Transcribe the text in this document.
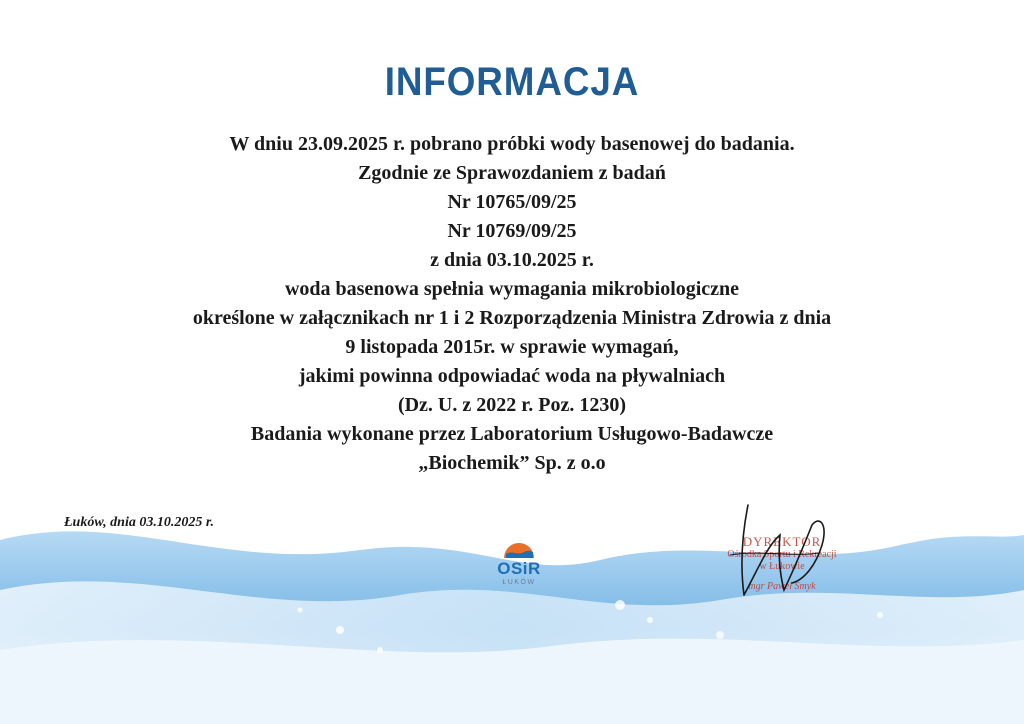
INFORMACJA
W dniu 23.09.2025 r. pobrano próbki wody basenowej do badania.
Zgodnie ze Sprawozdaniem z badań
Nr 10765/09/25
Nr 10769/09/25
z dnia 03.10.2025 r.
woda basenowa spełnia wymagania mikrobiologiczne
określone w załącznikach nr 1 i 2 Rozporządzenia Ministra Zdrowia z dnia
9 listopada 2015r. w sprawie wymagań,
jakimi powinna odpowiadać woda na pływalniach
(Dz. U. z 2022 r. Poz. 1230)
Badania wykonane przez Laboratorium Usługowo-Badawcze
„Biochemik” Sp. z o.o
Łuków, dnia 03.10.2025 r.
OSiR
ŁUKÓW
DYREKTOR
Ośrodka Sportu i Rekreacji
w Łukowie
mgr Paweł Smyk
